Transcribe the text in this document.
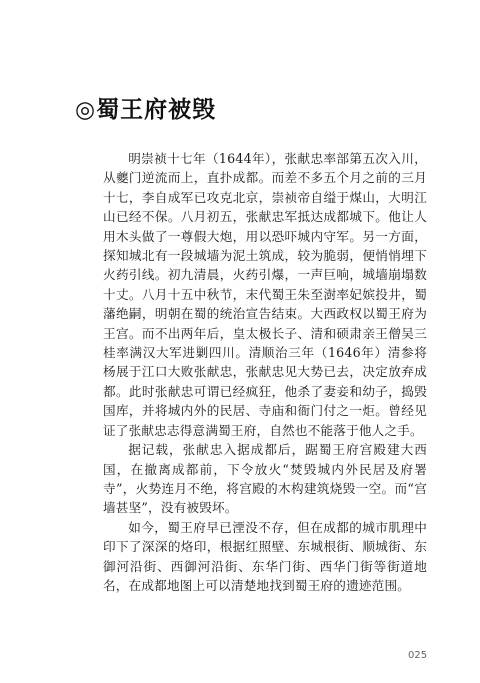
◎蜀王府被毁

明崇祯十七年（1644年），张献忠率部第五次入川，从夔门逆流而上，直扑成都。而差不多五个月之前的三月十七，李自成军已攻克北京，崇祯帝自缢于煤山，大明江山已经不保。八月初五，张献忠军抵达成都城下。他让人用木头做了一尊假大炮，用以恐吓城内守军。另一方面，探知城北有一段城墙为泥土筑成，较为脆弱，便悄悄埋下火药引线。初九清晨，火药引爆，一声巨响，城墙崩塌数十丈。八月十五中秋节，末代蜀王朱至澍率妃嫔投井，蜀藩绝嗣，明朝在蜀的统治宣告结束。大西政权以蜀王府为王宫。而不出两年后，皇太极长子、清和硕肃亲王僧吴三桂率满汉大军进剿四川。清顺治三年（1646年）清参将杨展于江口大败张献忠，张献忠见大势已去，决定放弃成都。此时张献忠可谓已经疯狂，他杀了妻妾和幼子，捣毁国库，并将城内外的民居、寺庙和衙门付之一炬。曾经见证了张献忠志得意满蜀王府，自然也不能落于他人之手。

据记载，张献忠入据成都后，踞蜀王府宫殿建大西国，在撤离成都前，下令放火“焚毁城内外民居及府署寺”，火势连月不绝，将宫殿的木构建筑烧毁一空。而“宫墙甚坚”，没有被毁坏。

如今，蜀王府早已湮没不存，但在成都的城市肌理中印下了深深的烙印，根据红照壁、东城根街、顺城街、东御河沿街、西御河沿街、东华门街、西华门街等街道地名，在成都地图上可以清楚地找到蜀王府的遗迹范围。

025
